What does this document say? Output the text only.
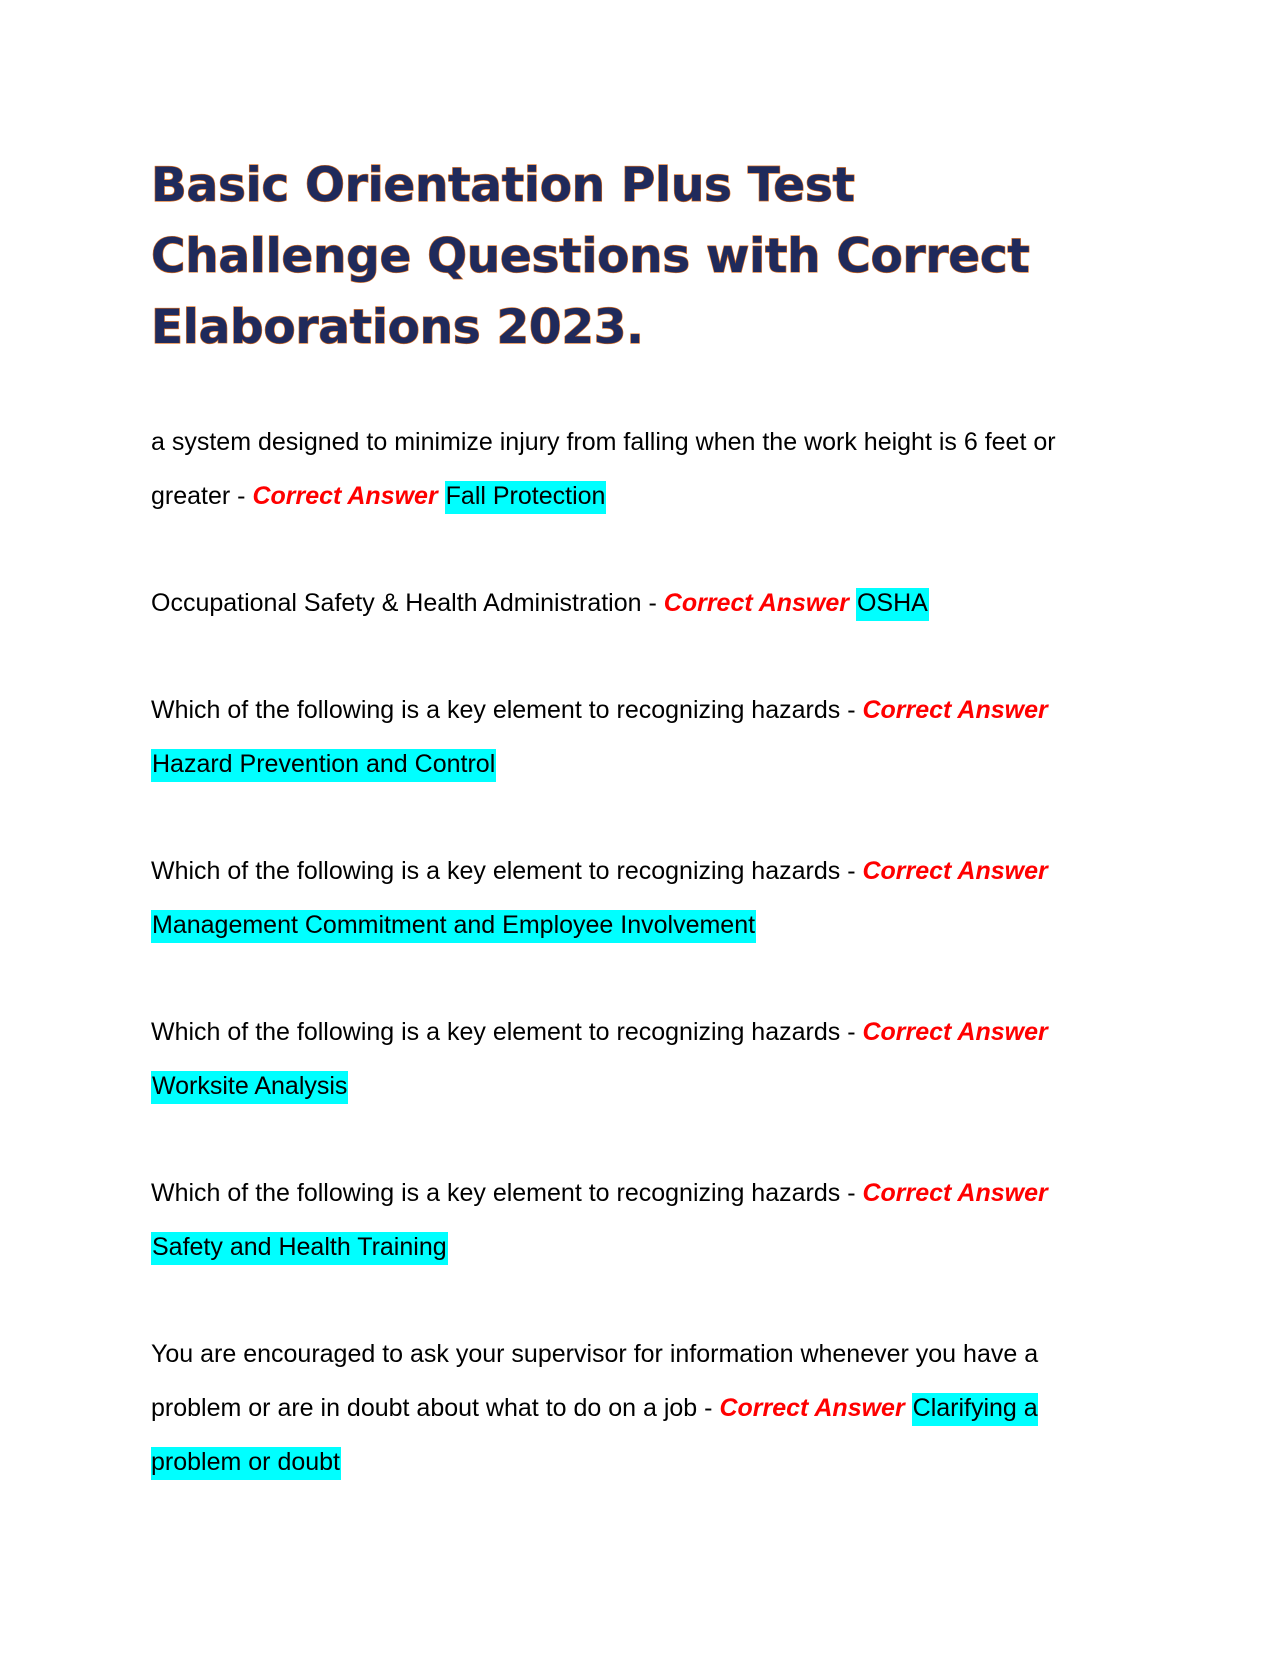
Basic Orientation Plus Test Challenge Questions with Correct Elaborations 2023.

a system designed to minimize injury from falling when the work height is 6 feet or greater - Correct Answer Fall Protection

Occupational Safety & Health Administration - Correct Answer OSHA

Which of the following is a key element to recognizing hazards - Correct Answer Hazard Prevention and Control

Which of the following is a key element to recognizing hazards - Correct Answer Management Commitment and Employee Involvement

Which of the following is a key element to recognizing hazards - Correct Answer Worksite Analysis

Which of the following is a key element to recognizing hazards - Correct Answer Safety and Health Training

You are encouraged to ask your supervisor for information whenever you have a problem or are in doubt about what to do on a job - Correct Answer Clarifying a problem or doubt
